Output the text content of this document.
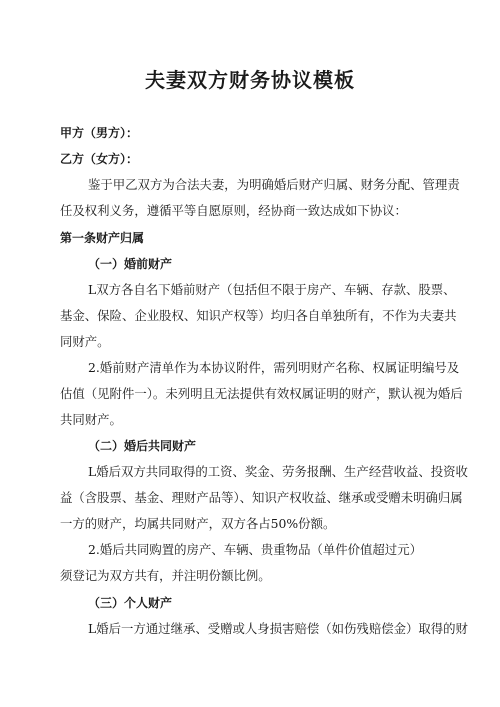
夫妻双方财务协议模板
甲方（男方）：
乙方（女方）：
鉴于甲乙双方为合法夫妻，为明确婚后财产归属、财务分配、管理责
任及权利义务，遵循平等自愿原则，经协商一致达成如下协议：
第一条财产归属
（一）婚前财产
L双方各自名下婚前财产（包括但不限于房产、车辆、存款、股票、
基金、保险、企业股权、知识产权等）均归各自单独所有，不作为夫妻共
同财产。
2.婚前财产清单作为本协议附件，需列明财产名称、权属证明编号及
估值（见附件一）。未列明且无法提供有效权属证明的财产，默认视为婚后
共同财产。
（二）婚后共同财产
L婚后双方共同取得的工资、奖金、劳务报酬、生产经营收益、投资收
益（含股票、基金、理财产品等）、知识产权收益、继承或受赠未明确归属
一方的财产，均属共同财产，双方各占50%份额。
2.婚后共同购置的房产、车辆、贵重物品（单件价值超过元）
须登记为双方共有，并注明份额比例。
（三）个人财产
L婚后一方通过继承、受赠或人身损害赔偿（如伤残赔偿金）取得的财
